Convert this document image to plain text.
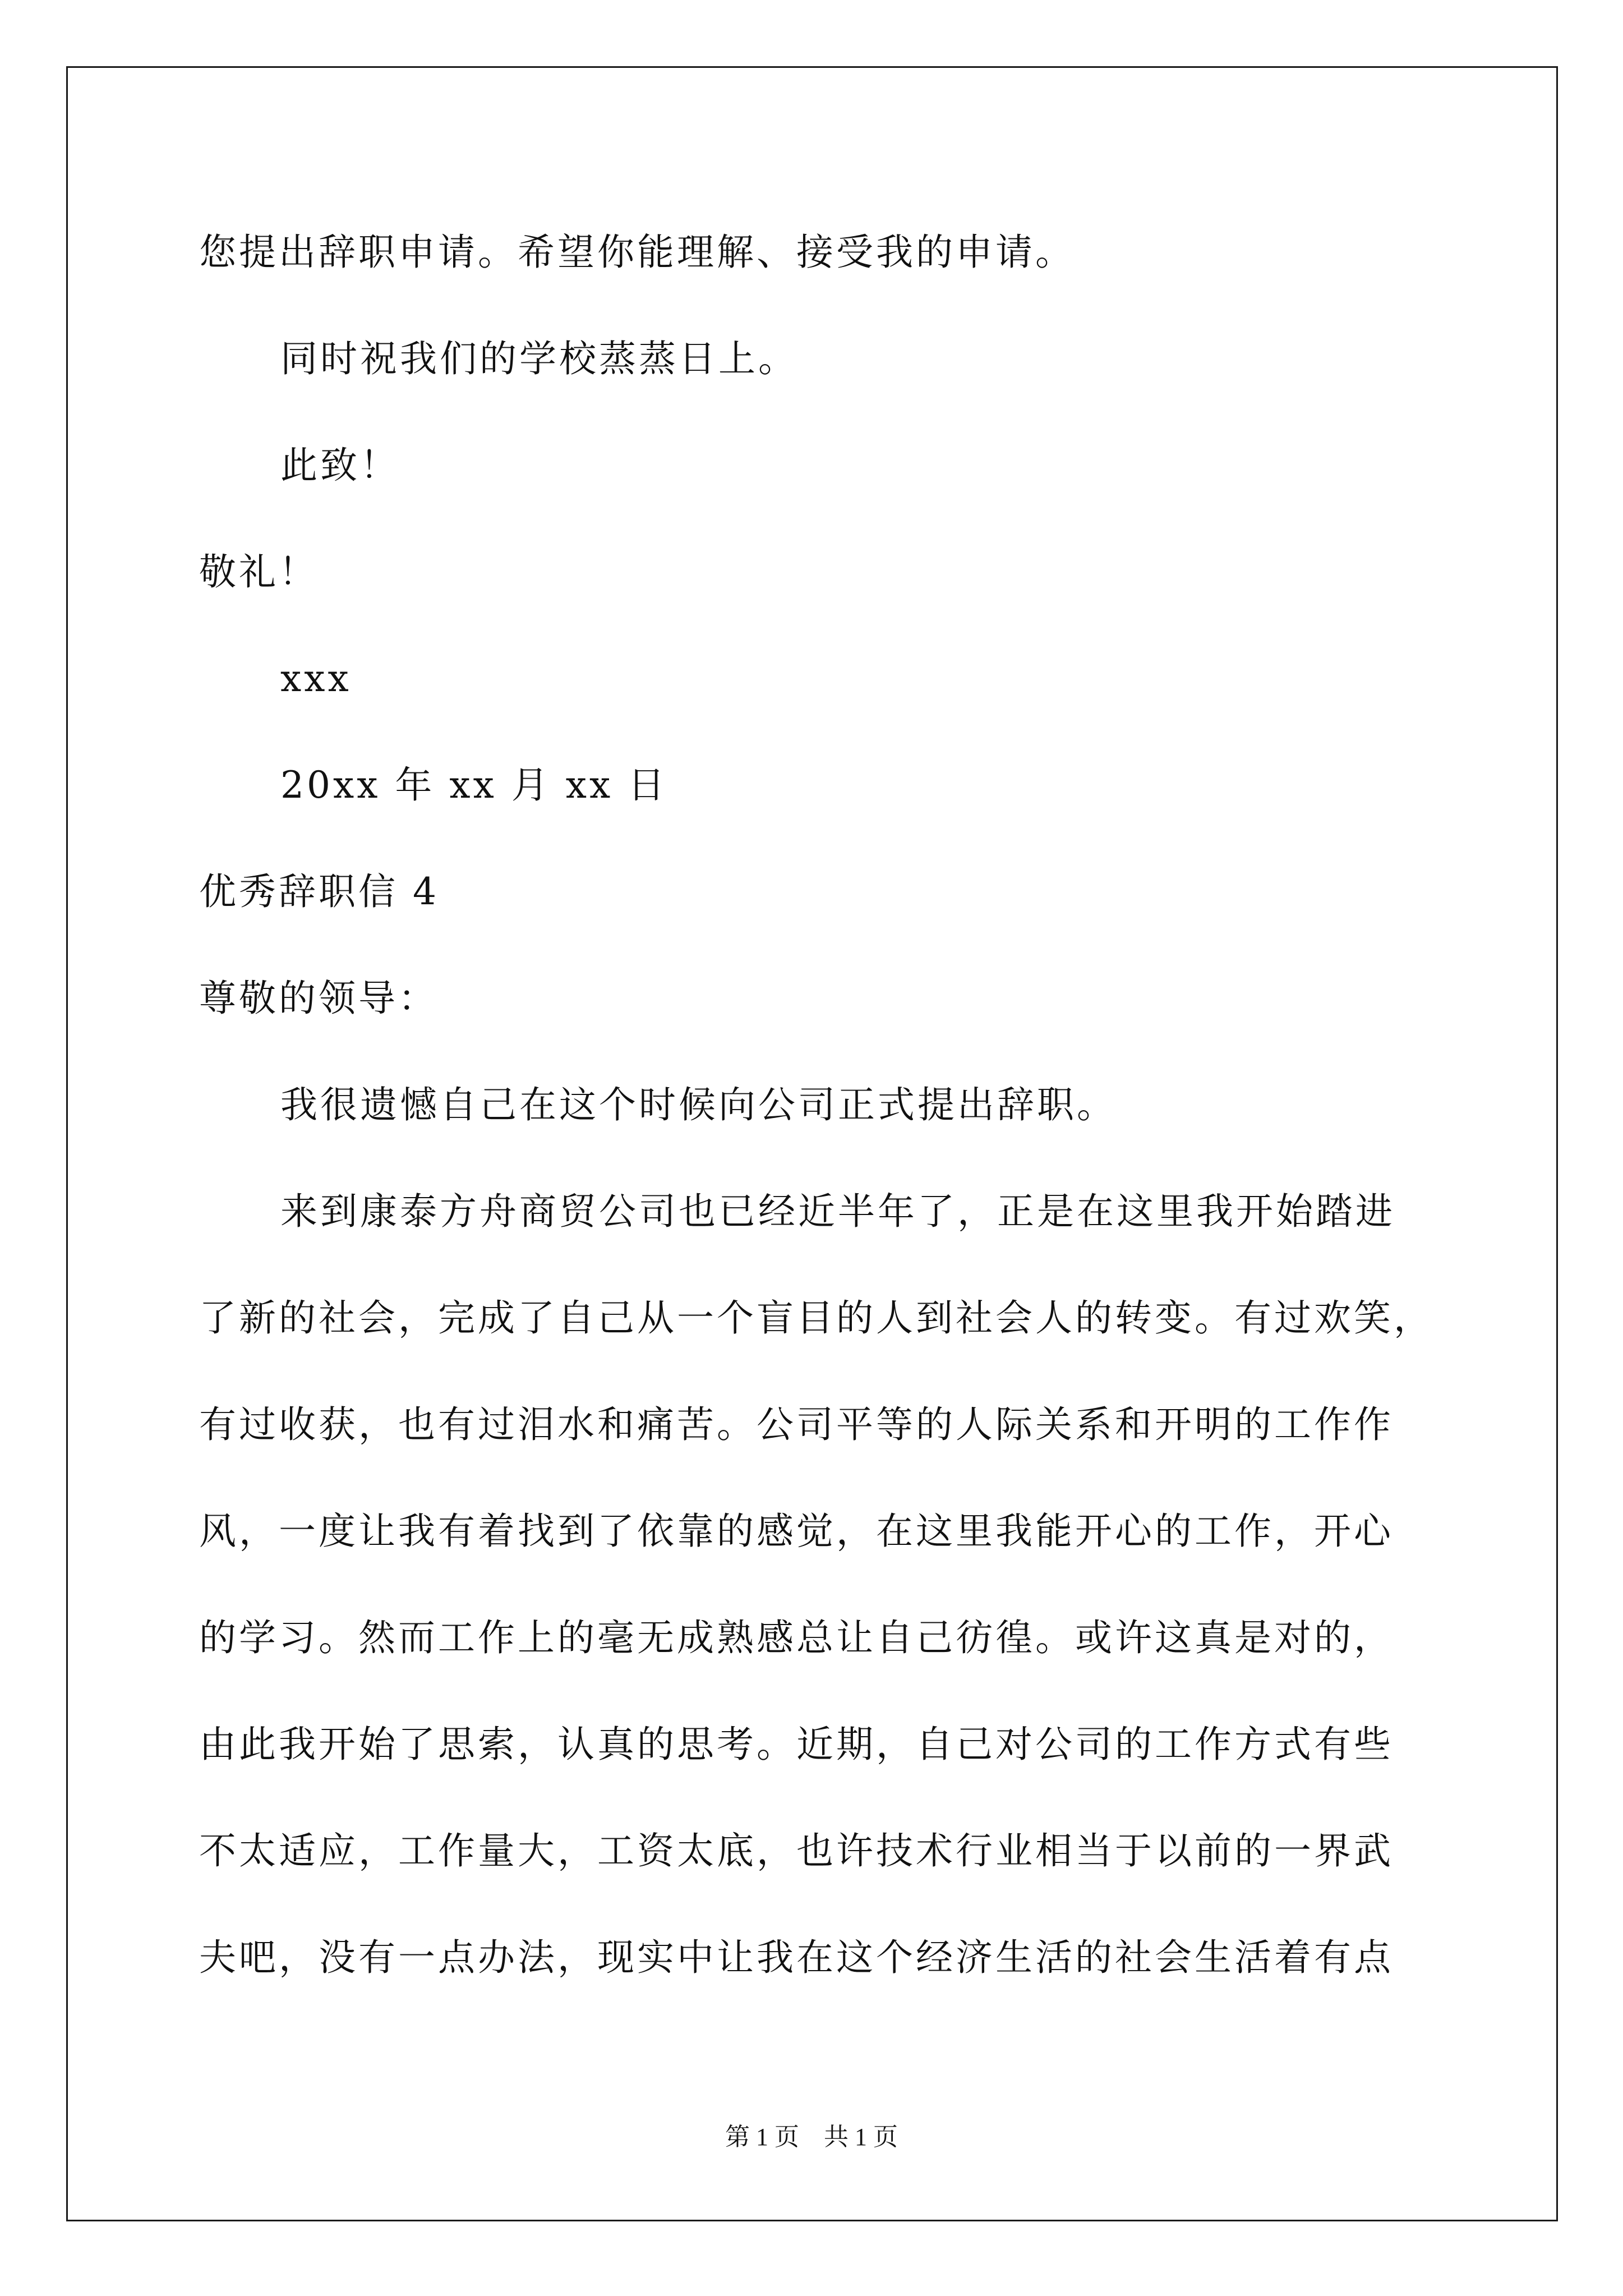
您提出辞职申请。希望你能理解、接受我的申请。
同时祝我们的学校蒸蒸日上。
此致！
敬礼！
xxx
20xx 年 xx 月 xx 日
优秀辞职信 4
尊敬的领导：
我很遗憾自己在这个时候向公司正式提出辞职。
来到康泰方舟商贸公司也已经近半年了，正是在这里我开始踏进
了新的社会，完成了自己从一个盲目的人到社会人的转变。有过欢笑，
有过收获，也有过泪水和痛苦。公司平等的人际关系和开明的工作作
风，一度让我有着找到了依靠的感觉，在这里我能开心的工作，开心
的学习。然而工作上的毫无成熟感总让自己彷徨。或许这真是对的，
由此我开始了思索，认真的思考。近期，自己对公司的工作方式有些
不太适应，工作量大，工资太底，也许技术行业相当于以前的一界武
夫吧，没有一点办法，现实中让我在这个经济生活的社会生活着有点
第 1 页    共 1 页
